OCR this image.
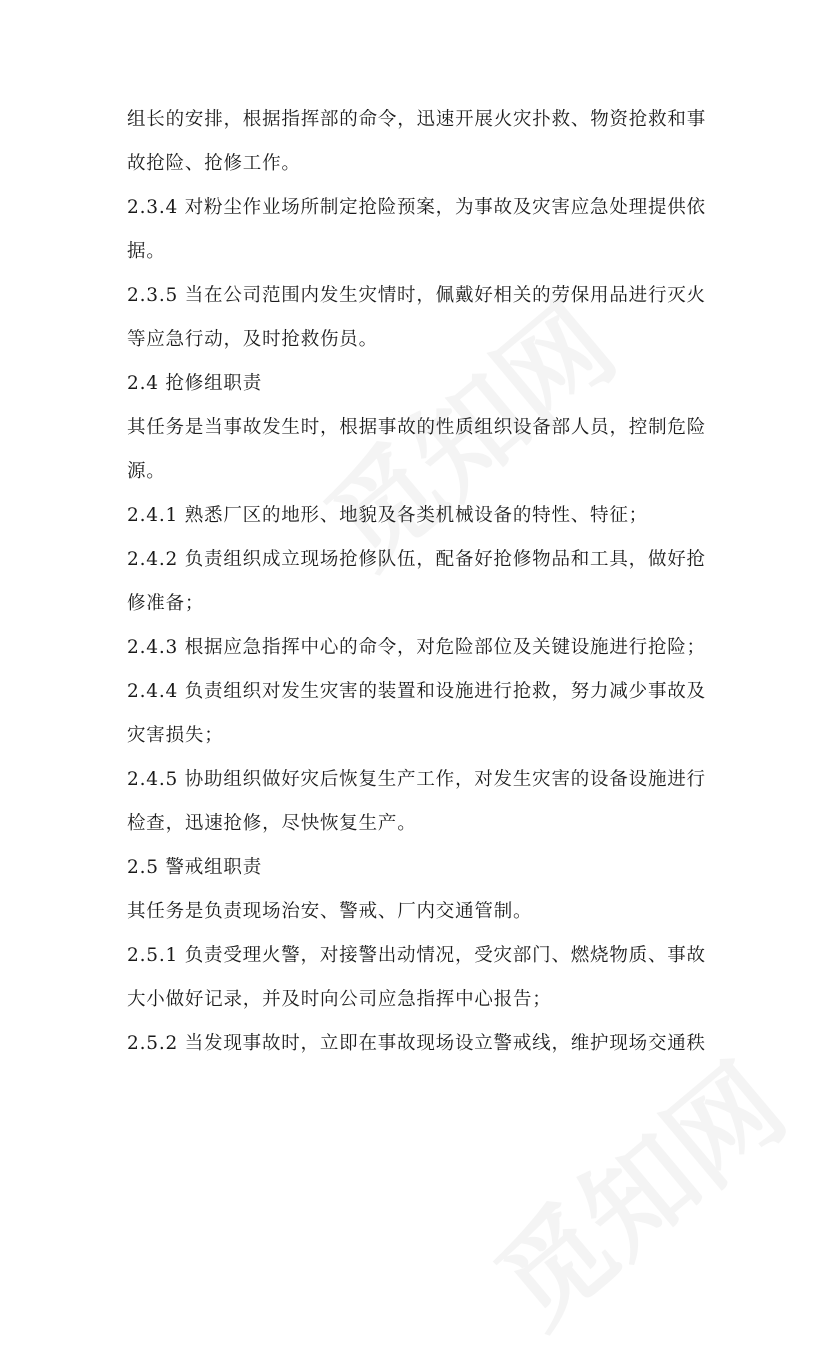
组长的安排，根据指挥部的命令，迅速开展火灾扑救、物资抢救和事
故抢险、抢修工作。
2.3.4 对粉尘作业场所制定抢险预案，为事故及灾害应急处理提供依
据。
2.3.5 当在公司范围内发生灾情时，佩戴好相关的劳保用品进行灭火
等应急行动，及时抢救伤员。
2.4 抢修组职责
其任务是当事故发生时，根据事故的性质组织设备部人员，控制危险
源。
2.4.1 熟悉厂区的地形、地貌及各类机械设备的特性、特征；
2.4.2 负责组织成立现场抢修队伍，配备好抢修物品和工具，做好抢
修准备；
2.4.3 根据应急指挥中心的命令，对危险部位及关键设施进行抢险；
2.4.4 负责组织对发生灾害的装置和设施进行抢救，努力减少事故及
灾害损失；
2.4.5 协助组织做好灾后恢复生产工作，对发生灾害的设备设施进行
检查，迅速抢修，尽快恢复生产。
2.5 警戒组职责
其任务是负责现场治安、警戒、厂内交通管制。
2.5.1 负责受理火警，对接警出动情况，受灾部门、燃烧物质、事故
大小做好记录，并及时向公司应急指挥中心报告；
2.5.2 当发现事故时，立即在事故现场设立警戒线，维护现场交通秩
